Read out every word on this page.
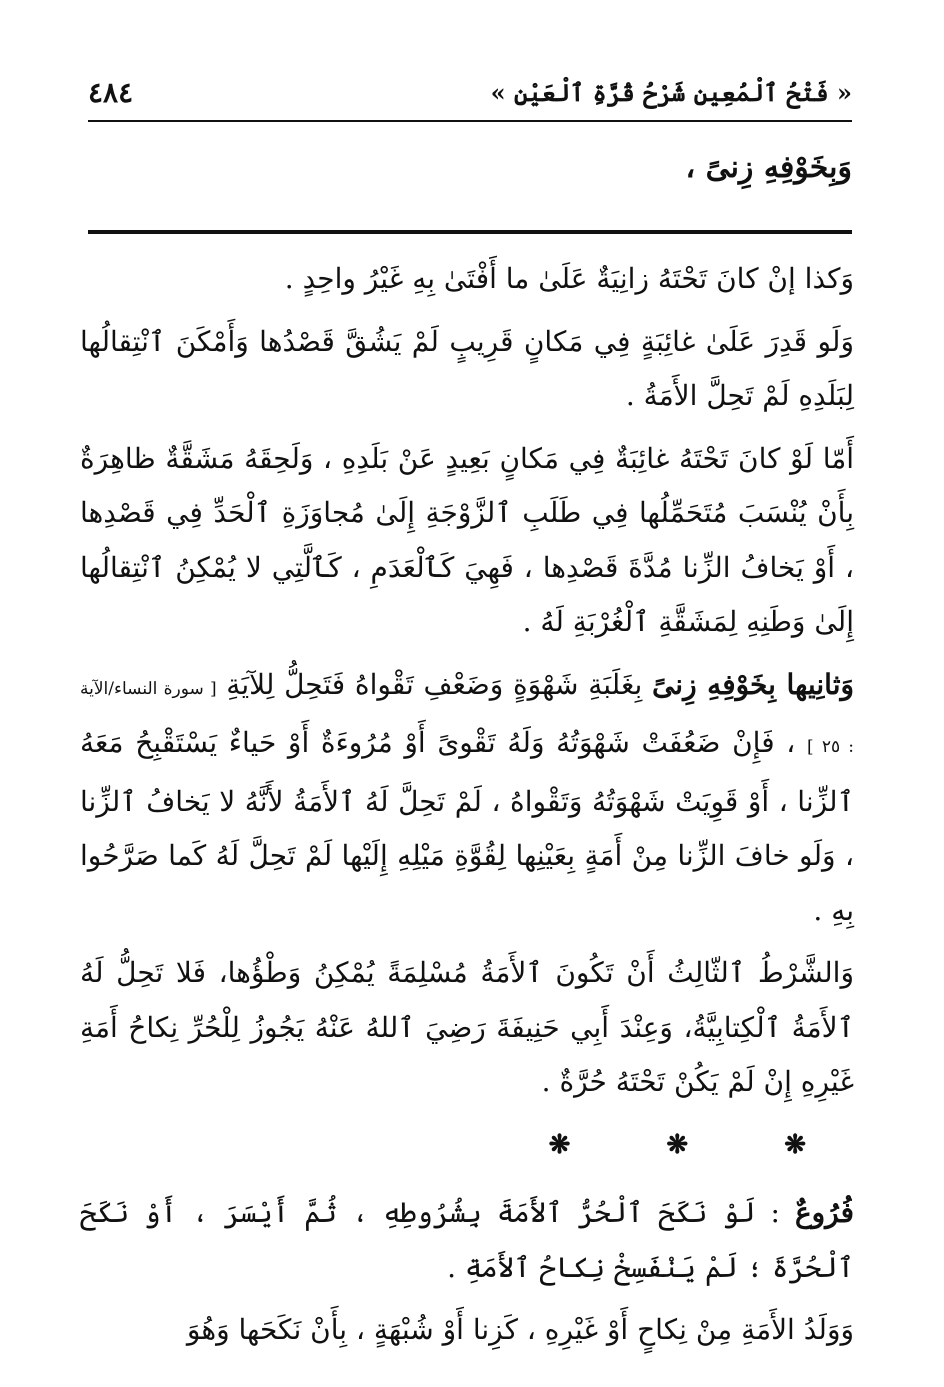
« فَتْحُ ٱلْمُعِينِ شَرْحُ قُرَّةِ ٱلْعَيْنِ »
٤٨٤
وَبِخَوْفِهِ زِنىً ،

وَكذا إنْ كانَ تَحْتَهُ زانِيَةٌ عَلَىٰ ما أَفْتَىٰ بِهِ غَيْرُ واحِدٍ .

وَلَو قَدِرَ عَلَىٰ غائِبَةٍ فِي مَكانٍ قَرِيبٍ لَمْ يَشُقَّ قَصْدُها وَأَمْكَنَ ٱنْتِقالُها لِبَلَدِهِ لَمْ تَحِلَّ الأَمَةُ .

أَمّا لَوْ كانَ تَحْتَهُ غائِبَةٌ فِي مَكانٍ بَعِيدٍ عَنْ بَلَدِهِ ، وَلَحِقَهُ مَشَقَّةٌ ظاهِرَةٌ بِأَنْ يُنْسَبَ مُتَحَمِّلُها فِي طَلَبِ ٱلزَّوْجَةِ إِلَىٰ مُجاوَزَةِ ٱلْحَدِّ فِي قَصْدِها ، أَوْ يَخافُ الزِّنا مُدَّةَ قَصْدِها ، فَهِيَ كَٱلْعَدَمِ ، كَٱلَّتِي لا يُمْكِنُ ٱنْتِقالُها إِلَىٰ وَطَنِهِ لِمَشَقَّةِ ٱلْغُرْبَةِ لَهُ .

وَثانِيها بِخَوْفِهِ زِنىً بِغَلَبَةِ شَهْوَةٍ وَضَعْفِ تَقْواهُ فَتَحِلُّ لِلآيَةِ [ سورة النساء/الآية : ٢٥ ] ، فَإِنْ ضَعُفَتْ شَهْوَتُهُ وَلَهُ تَقْوىً أَوْ مُرُوءَةٌ أَوْ حَياءٌ يَسْتَقْبِحُ مَعَهُ ٱلزِّنا ، أَوْ قَوِيَتْ شَهْوَتُهُ وَتَقْواهُ ، لَمْ تَحِلَّ لَهُ ٱلأَمَةُ لأَنَّهُ لا يَخافُ ٱلزِّنا ، وَلَو خافَ الزِّنا مِنْ أَمَةٍ بِعَيْنِها لِقُوَّةِ مَيْلِهِ إِلَيْها لَمْ تَحِلَّ لَهُ كَما صَرَّحُوا بِهِ .

وَالشَّرْطُ ٱلثّالِثُ أَنْ تَكُونَ ٱلأَمَةُ مُسْلِمَةً يُمْكِنُ وَطْؤُها، فَلا تَحِلُّ لَهُ ٱلأَمَةُ ٱلْكِتابِيَّةُ، وَعِنْدَ أَبِي حَنِيفَةَ رَضِيَ ٱللهُ عَنْهُ يَجُوزُ لِلْحُرِّ نِكاحُ أَمَةِ غَيْرِهِ إِنْ لَمْ يَكُنْ تَحْتَهُ حُرَّةٌ .

❋❋❋

فُرُوعٌ : لَوْ نَكَحَ ٱلْحُرُّ ٱلأَمَةَ بِشُرُوطِهِ ، ثُمَّ أَيْسَرَ ، أَوْ نَكَحَ ٱلْحُرَّةَ ؛ لَمْ يَنْفَسِخْ نِكاحُ ٱلأَمَةِ .

وَوَلَدُ الأَمَةِ مِنْ نِكاحٍ أَوْ غَيْرِهِ ، كَزِنا أَوْ شُبْهَةٍ ، بِأَنْ نَكَحَها وَهُوَ
